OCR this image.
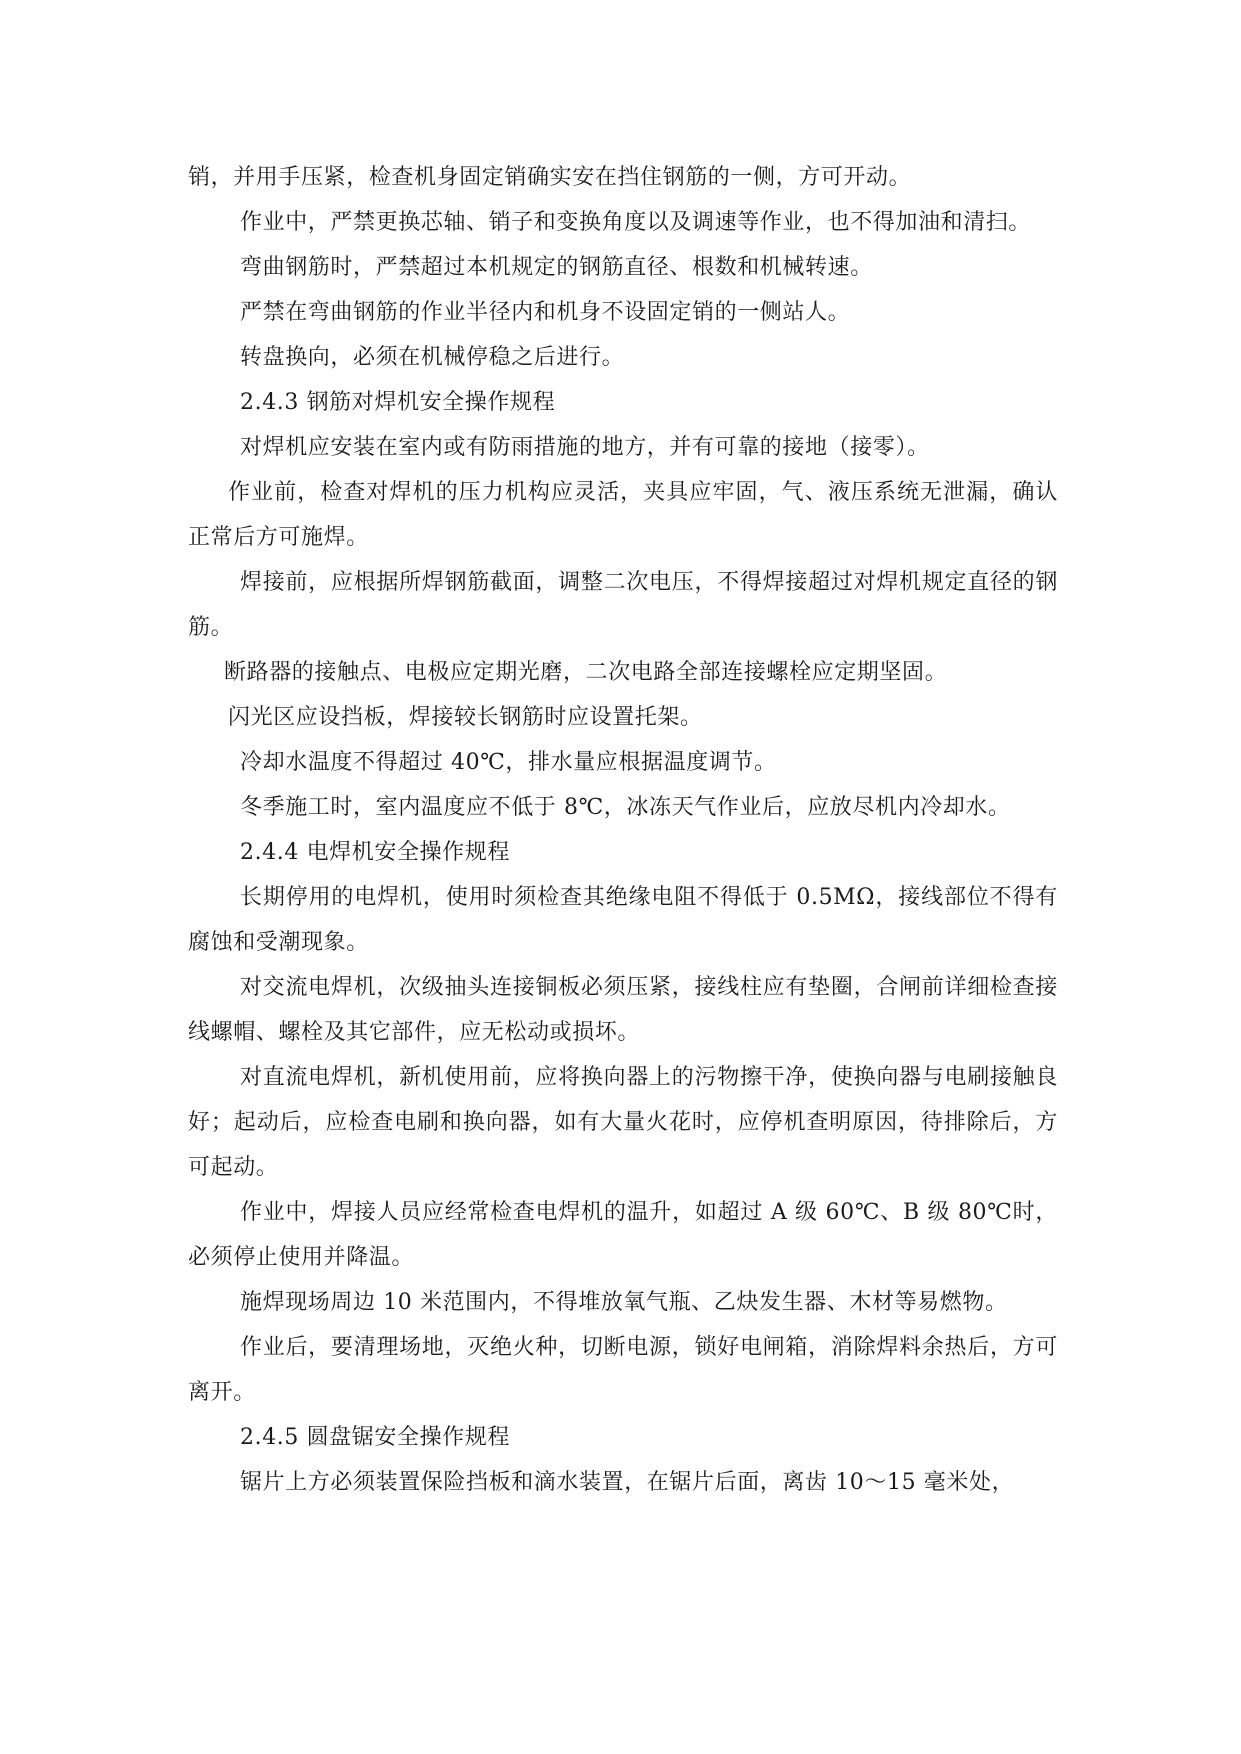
销，并用手压紧，检查机身固定销确实安在挡住钢筋的一侧，方可开动。

作业中，严禁更换芯轴、销子和变换角度以及调速等作业，也不得加油和清扫。

弯曲钢筋时，严禁超过本机规定的钢筋直径、根数和机械转速。

严禁在弯曲钢筋的作业半径内和机身不设固定销的一侧站人。

转盘换向，必须在机械停稳之后进行。

2.4.3 钢筋对焊机安全操作规程

对焊机应安装在室内或有防雨措施的地方，并有可靠的接地（接零）。

作业前，检查对焊机的压力机构应灵活，夹具应牢固，气、液压系统无泄漏，确认正常后方可施焊。

焊接前，应根据所焊钢筋截面，调整二次电压，不得焊接超过对焊机规定直径的钢筋。

断路器的接触点、电极应定期光磨，二次电路全部连接螺栓应定期坚固。

闪光区应设挡板，焊接较长钢筋时应设置托架。

冷却水温度不得超过 40℃，排水量应根据温度调节。

冬季施工时，室内温度应不低于 8℃，冰冻天气作业后，应放尽机内冷却水。

2.4.4 电焊机安全操作规程

长期停用的电焊机，使用时须检查其绝缘电阻不得低于 0.5MΩ，接线部位不得有腐蚀和受潮现象。

对交流电焊机，次级抽头连接铜板必须压紧，接线柱应有垫圈，合闸前详细检查接线螺帽、螺栓及其它部件，应无松动或损坏。

对直流电焊机，新机使用前，应将换向器上的污物擦干净，使换向器与电刷接触良好；起动后，应检查电刷和换向器，如有大量火花时，应停机查明原因，待排除后，方可起动。

作业中，焊接人员应经常检查电焊机的温升，如超过 A 级 60℃、B 级 80℃时，必须停止使用并降温。

施焊现场周边 10 米范围内，不得堆放氧气瓶、乙炔发生器、木材等易燃物。

作业后，要清理场地，灭绝火种，切断电源，锁好电闸箱，消除焊料余热后，方可离开。

2.4.5 圆盘锯安全操作规程

锯片上方必须装置保险挡板和滴水装置，在锯片后面，离齿 10～15 毫米处，
